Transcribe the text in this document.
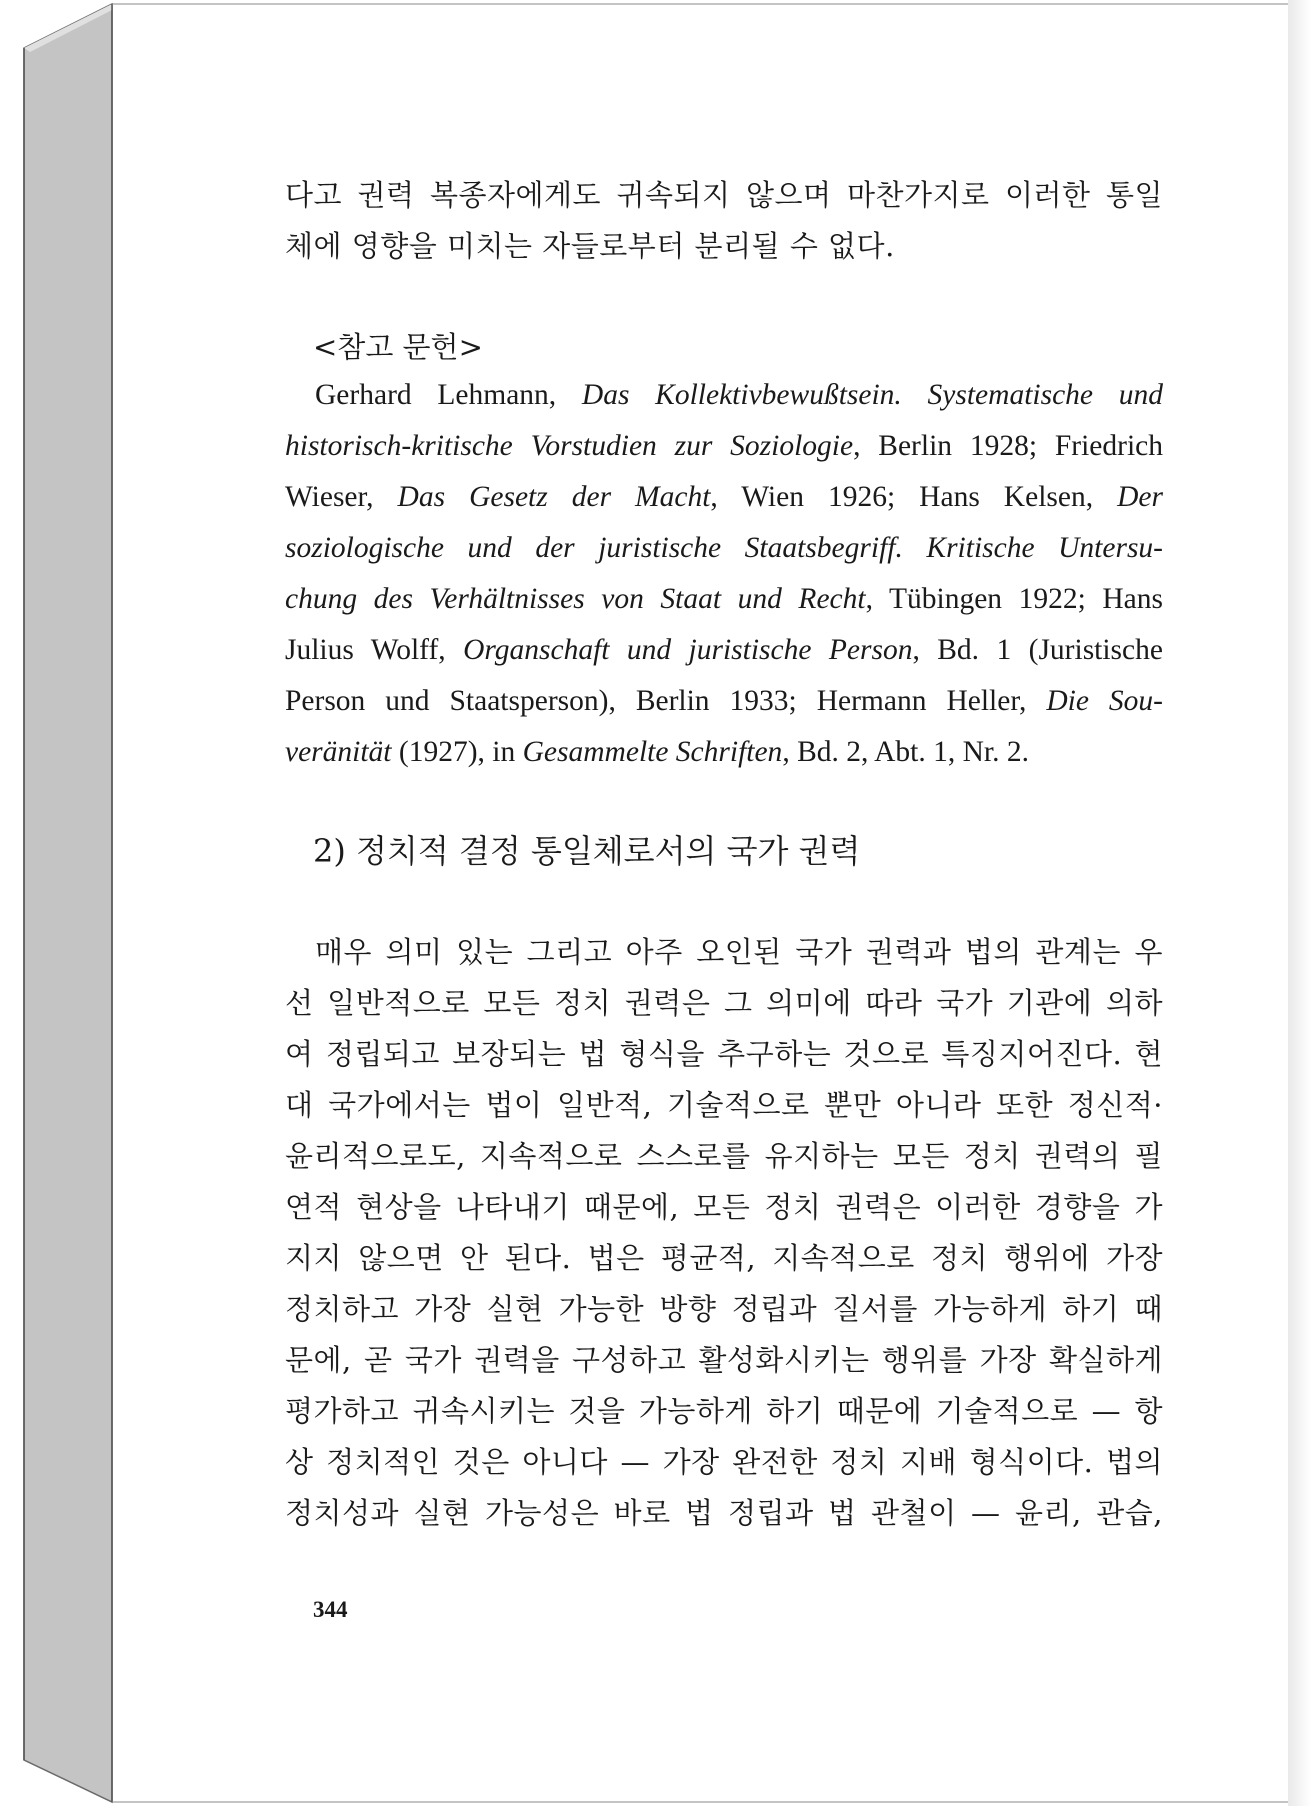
다고 권력 복종자에게도 귀속되지 않으며 마찬가지로 이러한 통일
체에 영향을 미치는 자들로부터 분리될 수 없다.
<참고 문헌>
Gerhard Lehmann, Das Kollektivbewußtsein. Systematische und
historisch-kritische Vorstudien zur Soziologie, Berlin 1928; Friedrich
Wieser, Das Gesetz der Macht, Wien 1926; Hans Kelsen, Der
soziologische und der juristische Staatsbegriff. Kritische Untersu-
chung des Verhältnisses von Staat und Recht, Tübingen 1922; Hans
Julius Wolff, Organschaft und juristische Person, Bd. 1 (Juristische
Person und Staatsperson), Berlin 1933; Hermann Heller, Die Sou-
veränität (1927), in Gesammelte Schriften, Bd. 2, Abt. 1, Nr. 2.
2) 정치적 결정 통일체로서의 국가 권력
매우 의미 있는 그리고 아주 오인된 국가 권력과 법의 관계는 우
선 일반적으로 모든 정치 권력은 그 의미에 따라 국가 기관에 의하
여 정립되고 보장되는 법 형식을 추구하는 것으로 특징지어진다. 현
대 국가에서는 법이 일반적, 기술적으로 뿐만 아니라 또한 정신적·
윤리적으로도, 지속적으로 스스로를 유지하는 모든 정치 권력의 필
연적 현상을 나타내기 때문에, 모든 정치 권력은 이러한 경향을 가
지지 않으면 안 된다. 법은 평균적, 지속적으로 정치 행위에 가장
정치하고 가장 실현 가능한 방향 정립과 질서를 가능하게 하기 때
문에, 곧 국가 권력을 구성하고 활성화시키는 행위를 가장 확실하게
평가하고 귀속시키는 것을 가능하게 하기 때문에 기술적으로 — 항
상 정치적인 것은 아니다 — 가장 완전한 정치 지배 형식이다. 법의
정치성과 실현 가능성은 바로 법 정립과 법 관철이 — 윤리, 관습,
344
